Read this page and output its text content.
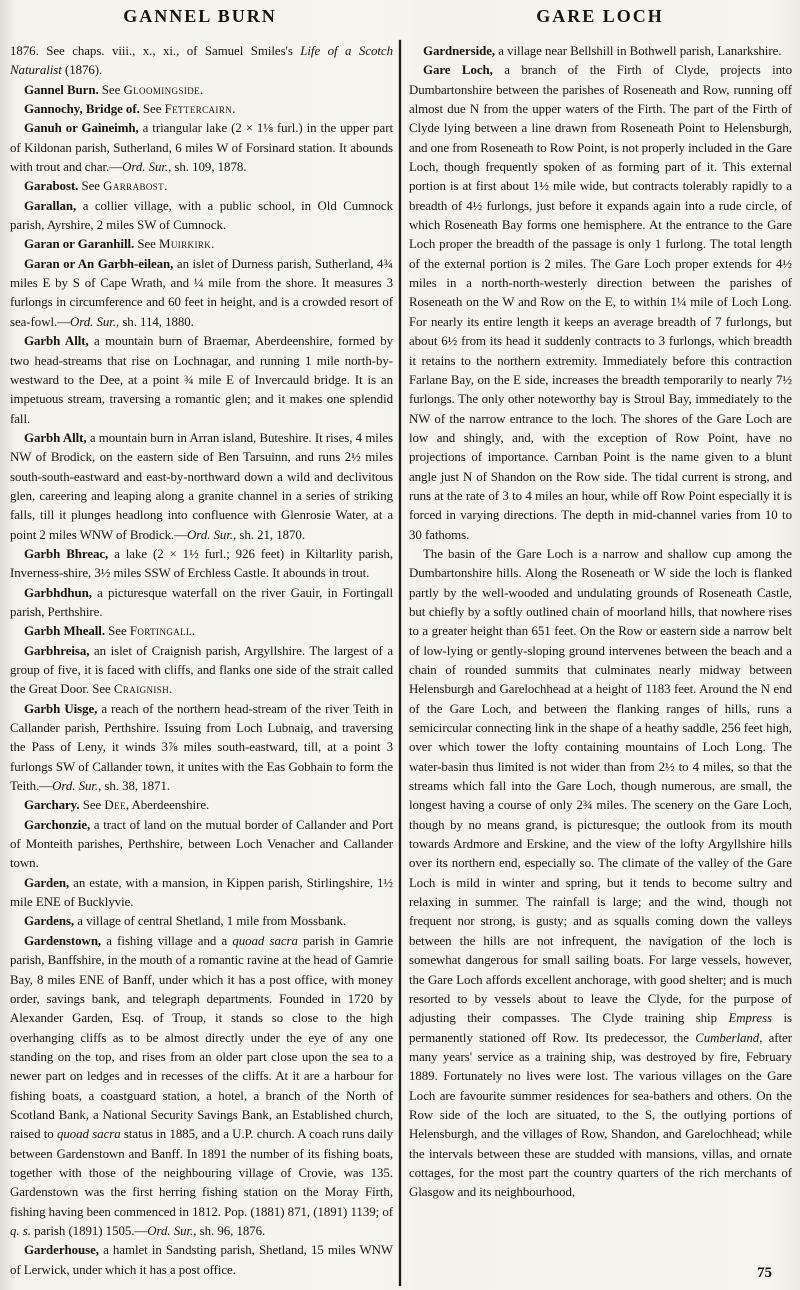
GANNEL BURN	GARE LOCH

1876. See chaps. viii., x., xi., of Samuel Smiles's Life of a Scotch Naturalist (1876).

Gannel Burn. See Gloomingside.

Gannochy, Bridge of. See Fettercairn.

Ganuh or Gaineimh, a triangular lake (2 × 1⅛ furl.) in the upper part of Kildonan parish, Sutherland, 6 miles W of Forsinard station. It abounds with trout and char.—Ord. Sur., sh. 109, 1878.

Garabost. See Garrabost.

Garallan, a collier village, with a public school, in Old Cumnock parish, Ayrshire, 2 miles SW of Cumnock.

Garan or Garanhill. See Muirkirk.

Garan or An Garbh-eilean, an islet of Durness parish, Sutherland, 4¾ miles E by S of Cape Wrath, and ¼ mile from the shore. It measures 3 furlongs in circumference and 60 feet in height, and is a crowded resort of sea-fowl.—Ord. Sur., sh. 114, 1880.

Garbh Allt, a mountain burn of Braemar, Aberdeenshire, formed by two head-streams that rise on Lochnagar, and running 1 mile north-by-westward to the Dee, at a point ¾ mile E of Invercauld bridge. It is an impetuous stream, traversing a romantic glen; and it makes one splendid fall.

Garbh Allt, a mountain burn in Arran island, Buteshire. It rises, 4 miles NW of Brodick, on the eastern side of Ben Tarsuinn, and runs 2½ miles south-south-eastward and east-by-northward down a wild and declivitous glen, careering and leaping along a granite channel in a series of striking falls, till it plunges headlong into confluence with Glenrosie Water, at a point 2 miles WNW of Brodick.—Ord. Sur., sh. 21, 1870.

Garbh Bhreac, a lake (2 × 1½ furl.; 926 feet) in Kiltarlity parish, Inverness-shire, 3½ miles SSW of Erchless Castle. It abounds in trout.

Garbhdhun, a picturesque waterfall on the river Gauir, in Fortingall parish, Perthshire.

Garbh Mheall. See Fortingall.

Garbhreisa, an islet of Craignish parish, Argyllshire. The largest of a group of five, it is faced with cliffs, and flanks one side of the strait called the Great Door. See Craignish.

Garbh Uisge, a reach of the northern head-stream of the river Teith in Callander parish, Perthshire. Issuing from Loch Lubnaig, and traversing the Pass of Leny, it winds 3⅞ miles south-eastward, till, at a point 3 furlongs SW of Callander town, it unites with the Eas Gobhain to form the Teith.—Ord. Sur., sh. 38, 1871.

Garchary. See Dee, Aberdeenshire.

Garchonzie, a tract of land on the mutual border of Callander and Port of Monteith parishes, Perthshire, between Loch Venacher and Callander town.

Garden, an estate, with a mansion, in Kippen parish, Stirlingshire, 1½ mile ENE of Bucklyvie.

Gardens, a village of central Shetland, 1 mile from Mossbank.

Gardenstown, a fishing village and a quoad sacra parish in Gamrie parish, Banffshire, in the mouth of a romantic ravine at the head of Gamrie Bay, 8 miles ENE of Banff, under which it has a post office, with money order, savings bank, and telegraph departments. Founded in 1720 by Alexander Garden, Esq. of Troup, it stands so close to the high overhanging cliffs as to be almost directly under the eye of any one standing on the top, and rises from an older part close upon the sea to a newer part on ledges and in recesses of the cliffs. At it are a harbour for fishing boats, a coastguard station, a hotel, a branch of the North of Scotland Bank, a National Security Savings Bank, an Established church, raised to quoad sacra status in 1885, and a U.P. church. A coach runs daily between Gardenstown and Banff. In 1891 the number of its fishing boats, together with those of the neighbouring village of Crovie, was 135. Gardenstown was the first herring fishing station on the Moray Firth, fishing having been commenced in 1812. Pop. (1881) 871, (1891) 1139; of q. s. parish (1891) 1505.—Ord. Sur., sh. 96, 1876.

Garderhouse, a hamlet in Sandsting parish, Shetland, 15 miles WNW of Lerwick, under which it has a post office.

Gardnerside, a village near Bellshill in Bothwell parish, Lanarkshire.

Gare Loch, a branch of the Firth of Clyde, projects into Dumbartonshire between the parishes of Roseneath and Row, running off almost due N from the upper waters of the Firth. The part of the Firth of Clyde lying between a line drawn from Roseneath Point to Helensburgh, and one from Roseneath to Row Point, is not properly included in the Gare Loch, though frequently spoken of as forming part of it. This external portion is at first about 1½ mile wide, but contracts tolerably rapidly to a breadth of 4½ furlongs, just before it expands again into a rude circle, of which Roseneath Bay forms one hemisphere. At the entrance to the Gare Loch proper the breadth of the passage is only 1 furlong. The total length of the external portion is 2 miles. The Gare Loch proper extends for 4½ miles in a north-north-westerly direction between the parishes of Roseneath on the W and Row on the E, to within 1¼ mile of Loch Long. For nearly its entire length it keeps an average breadth of 7 furlongs, but about 6½ from its head it suddenly contracts to 3 furlongs, which breadth it retains to the northern extremity. Immediately before this contraction Farlane Bay, on the E side, increases the breadth temporarily to nearly 7½ furlongs. The only other noteworthy bay is Stroul Bay, immediately to the NW of the narrow entrance to the loch. The shores of the Gare Loch are low and shingly, and, with the exception of Row Point, have no projections of importance. Carnban Point is the name given to a blunt angle just N of Shandon on the Row side. The tidal current is strong, and runs at the rate of 3 to 4 miles an hour, while off Row Point especially it is forced in varying directions. The depth in mid-channel varies from 10 to 30 fathoms.

The basin of the Gare Loch is a narrow and shallow cup among the Dumbartonshire hills. Along the Roseneath or W side the loch is flanked partly by the well-wooded and undulating grounds of Roseneath Castle, but chiefly by a softly outlined chain of moorland hills, that nowhere rises to a greater height than 651 feet. On the Row or eastern side a narrow belt of low-lying or gently-sloping ground intervenes between the beach and a chain of rounded summits that culminates nearly midway between Helensburgh and Garelochhead at a height of 1183 feet. Around the N end of the Gare Loch, and between the flanking ranges of hills, runs a semicircular connecting link in the shape of a heathy saddle, 256 feet high, over which tower the lofty containing mountains of Loch Long. The water-basin thus limited is not wider than from 2½ to 4 miles, so that the streams which fall into the Gare Loch, though numerous, are small, the longest having a course of only 2¾ miles. The scenery on the Gare Loch, though by no means grand, is picturesque; the outlook from its mouth towards Ardmore and Erskine, and the view of the lofty Argyllshire hills over its northern end, especially so. The climate of the valley of the Gare Loch is mild in winter and spring, but it tends to become sultry and relaxing in summer. The rainfall is large; and the wind, though not frequent nor strong, is gusty; and as squalls coming down the valleys between the hills are not infrequent, the navigation of the loch is somewhat dangerous for small sailing boats. For large vessels, however, the Gare Loch affords excellent anchorage, with good shelter; and is much resorted to by vessels about to leave the Clyde, for the purpose of adjusting their compasses. The Clyde training ship Empress is permanently stationed off Row. Its predecessor, the Cumberland, after many years' service as a training ship, was destroyed by fire, February 1889. Fortunately no lives were lost. The various villages on the Gare Loch are favourite summer residences for sea-bathers and others. On the Row side of the loch are situated, to the S, the outlying portions of Helensburgh, and the villages of Row, Shandon, and Garelochhead; while the intervals between these are studded with mansions, villas, and ornate cottages, for the most part the country quarters of the rich merchants of Glasgow and its neighbourhood,

75
